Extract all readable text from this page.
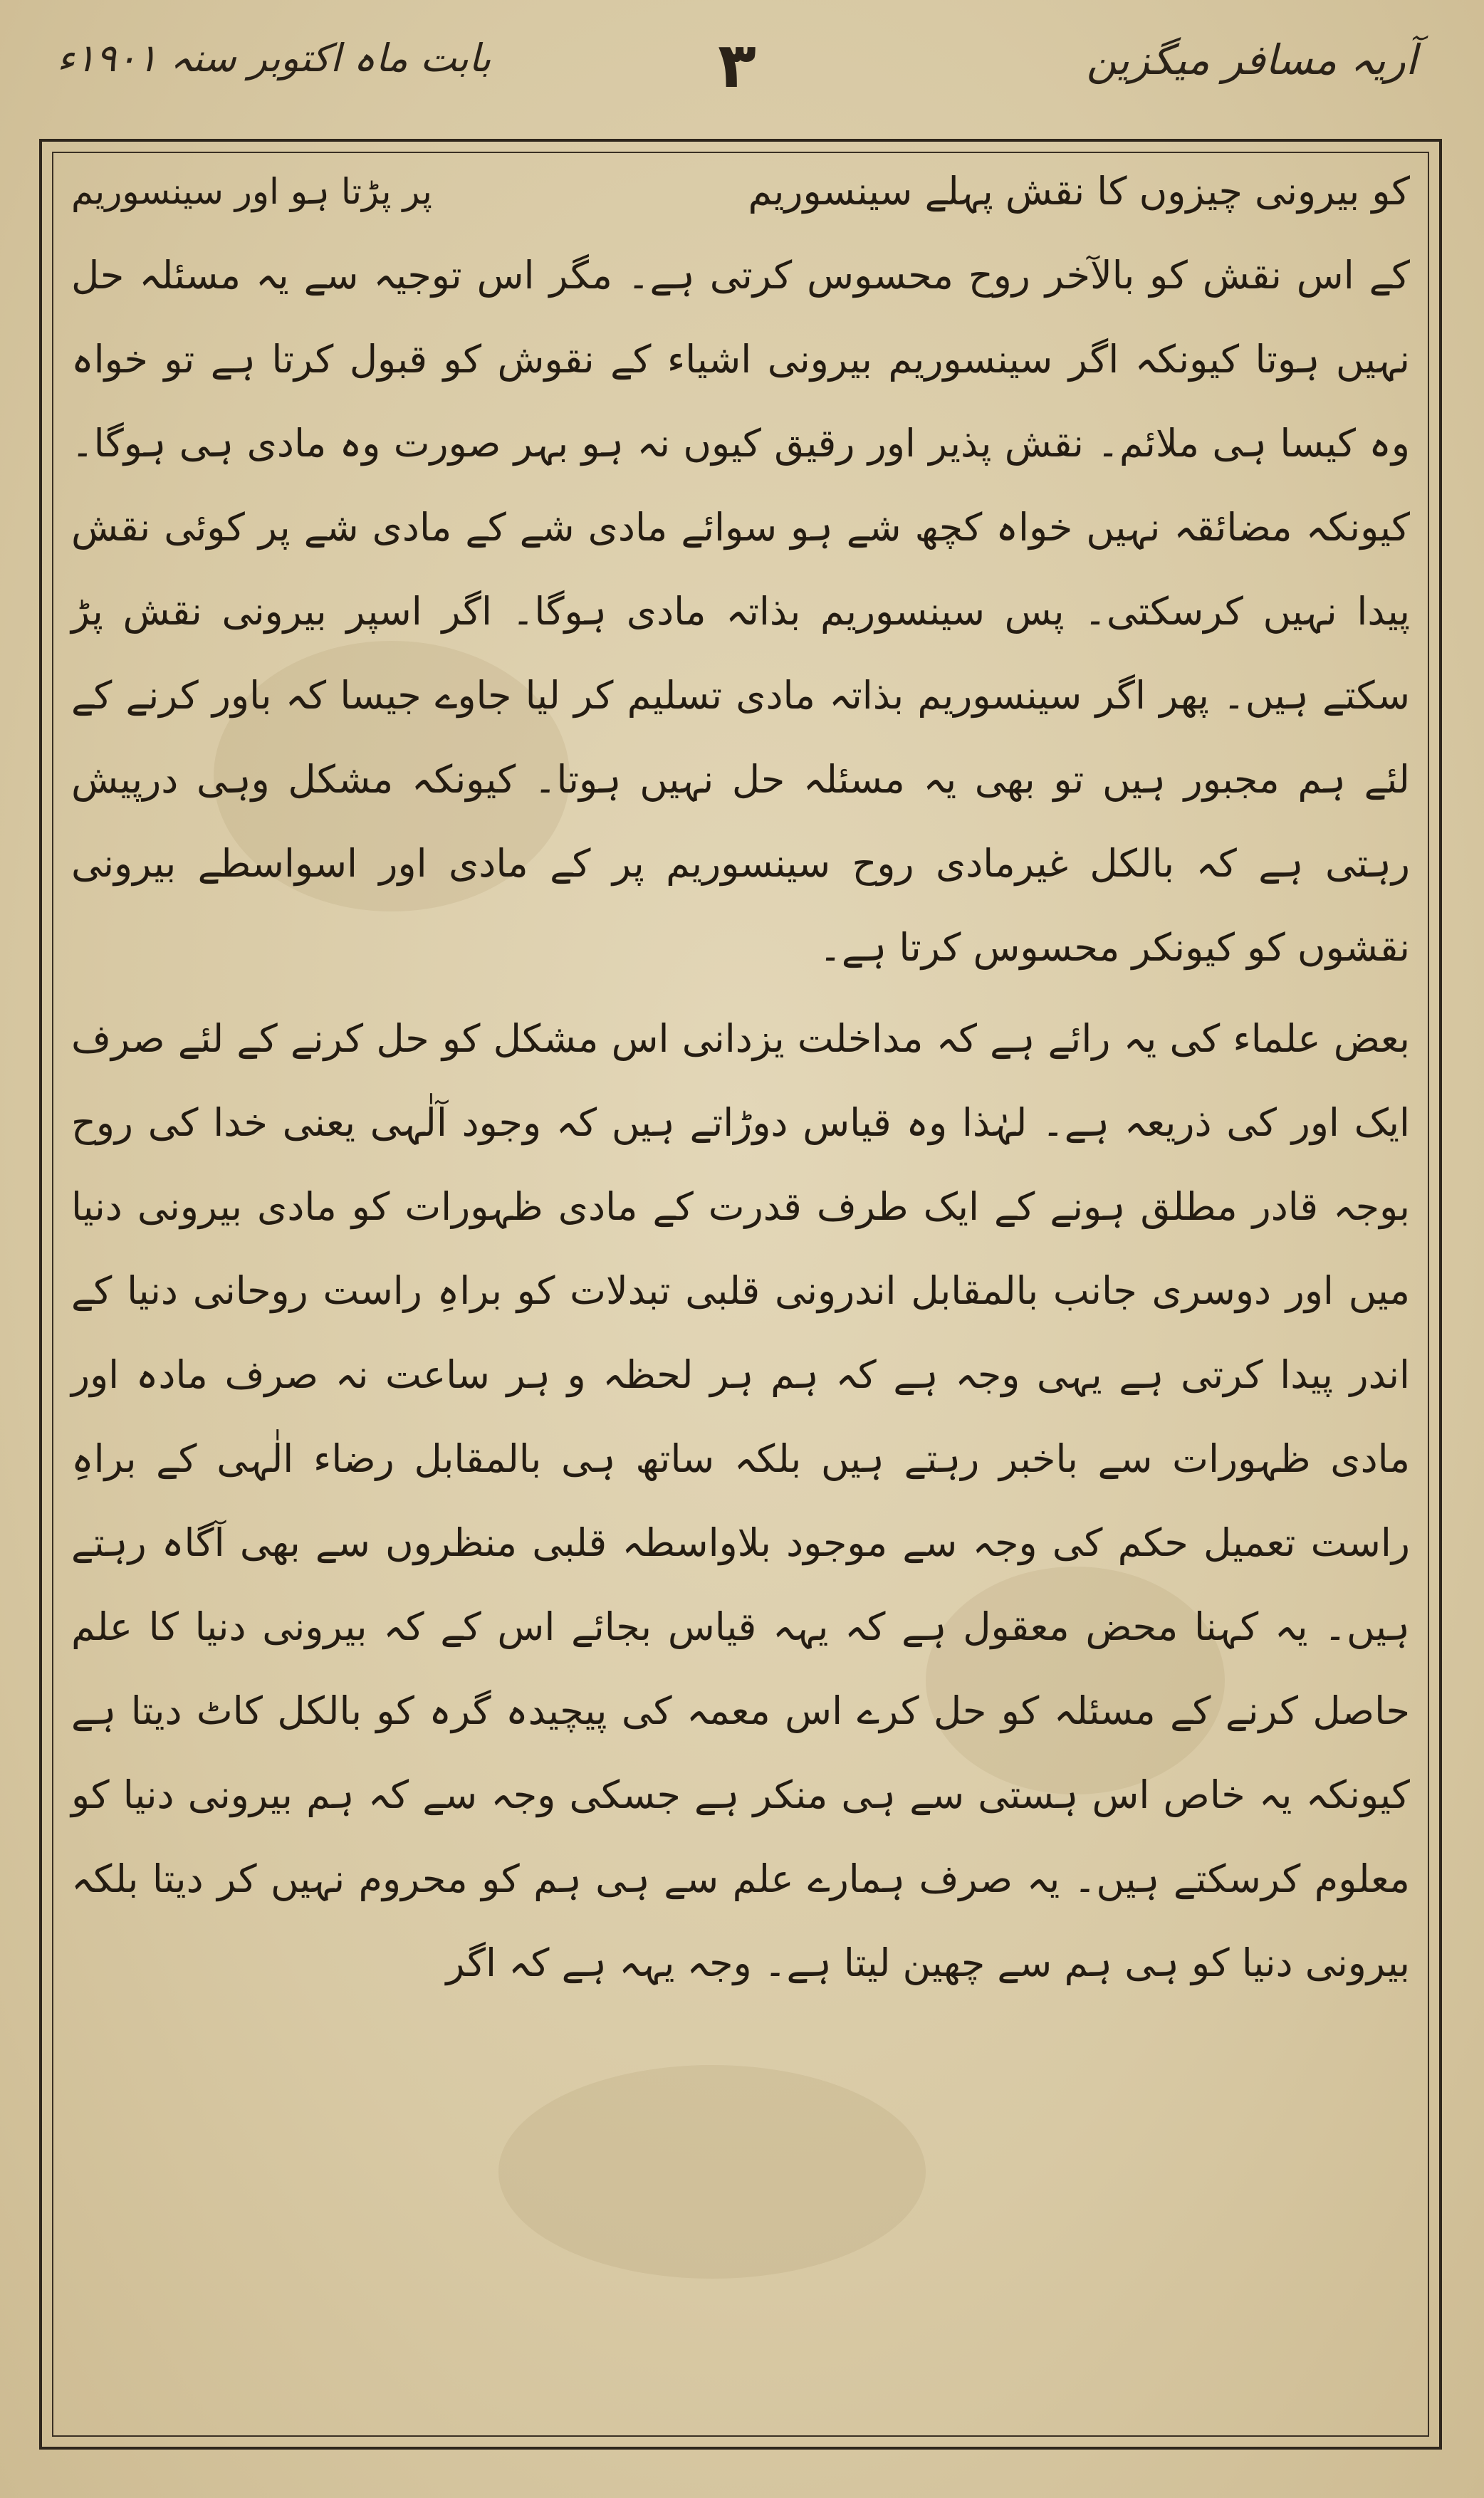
آریہ مسافر میگزین
٣
بابت ماہ اکتوبر سنہ ۱۹۰۱ء
کو بیرونی چیزوں کا نقش پہلے سینسوریم
پر پڑتا ہو اور سینسوریم

کے اس نقش کو بالآخر روح محسوس کرتی ہے۔ مگر اس توجیہ سے یہ مسئلہ حل نہیں ہوتا کیونکہ اگر سینسوریم بیرونی اشیاء کے نقوش کو قبول کرتا ہے تو خواہ وہ کیسا ہی ملائم۔ نقش پذیر اور رقیق کیوں نہ ہو بہر صورت وہ مادی ہی ہوگا۔ کیونکہ مضائقہ نہیں خواہ کچھ شے ہو سوائے مادی شے کے مادی شے پر کوئی نقش پیدا نہیں کرسکتی۔ پس سینسوریم بذاتہ مادی ہوگا۔ اگر اسپر بیرونی نقش پڑ سکتے ہیں۔ پھر اگر سینسوریم بذاتہ مادی تسلیم کر لیا جاوے جیسا کہ باور کرنے کے لئے ہم مجبور ہیں تو بھی یہ مسئلہ حل نہیں ہوتا۔ کیونکہ مشکل وہی درپیش رہتی ہے کہ بالکل غیرمادی روح سینسوریم پر کے مادی اور اسواسطے بیرونی نقشوں کو کیونکر محسوس کرتا ہے۔

بعض علماء کی یہ رائے ہے کہ مداخلت یزدانی اس مشکل کو حل کرنے کے لئے صرف ایک اور کی ذریعہ ہے۔ لہٰذا وہ قیاس دوڑاتے ہیں کہ وجود آلٰہی یعنی خدا کی روح بوجہ قادر مطلق ہونے کے ایک طرف قدرت کے مادی ظہورات کو مادی بیرونی دنیا میں اور دوسری جانب بالمقابل اندرونی قلبی تبدلات کو براہِ راست روحانی دنیا کے اندر پیدا کرتی ہے یہی وجہ ہے کہ ہم ہر لحظہ و ہر ساعت نہ صرف مادہ اور مادی ظہورات سے باخبر رہتے ہیں بلکہ ساتھ ہی بالمقابل رضاء الٰہی کے براہِ راست تعمیل حکم کی وجہ سے موجود بلاواسطہ قلبی منظروں سے بھی آگاہ رہتے ہیں۔ یہ کہنا محض معقول ہے کہ یہہ قیاس بجائے اس کے کہ بیرونی دنیا کا علم حاصل کرنے کے مسئلہ کو حل کرے اس معمہ کی پیچیدہ گرہ کو بالکل کاٹ دیتا ہے کیونکہ یہ خاص اس ہستی سے ہی منکر ہے جسکی وجہ سے کہ ہم بیرونی دنیا کو معلوم کرسکتے ہیں۔ یہ صرف ہمارے علم سے ہی ہم کو محروم نہیں کر دیتا بلکہ بیرونی دنیا کو ہی ہم سے چھین لیتا ہے۔ وجہ یہہ ہے کہ اگر
